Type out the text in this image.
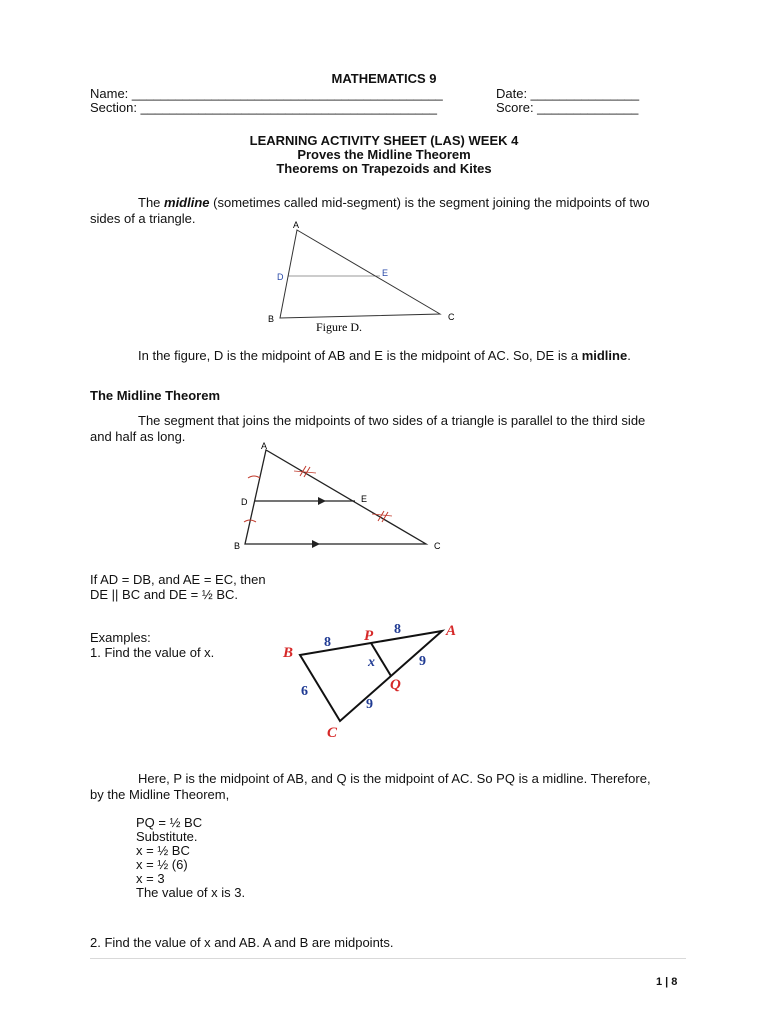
MATHEMATICS 9
Name: ___________________________________________	Date: _______________
Section: _________________________________________	Score: ______________
LEARNING ACTIVITY SHEET (LAS) WEEK 4
Proves the Midline Theorem
Theorems on Trapezoids and Kites
The midline (sometimes called mid-segment) is the segment joining the midpoints of two
sides of a triangle.	A
B	C
D	E
Figure D.
In the figure, D is the midpoint of AB and E is the midpoint of AC. So, DE is a midline.
The Midline Theorem
The segment that joins the midpoints of two sides of a triangle is parallel to the third side
and half as long.
A
B	C
D	E
If AD = DB, and AE = EC, then
DE || BC and DE = ½ BC.
Examples:
1. Find the value of x.	B
A
C
P
Q
8
8
x	9
9
6
Here, P is the midpoint of AB, and Q is the midpoint of AC. So PQ is a midline. Therefore,
by the Midline Theorem,
PQ = ½ BC
Substitute.
x = ½ BC
x = ½ (6)
x = 3
The value of x is 3.
2. Find the value of x and AB. A and B are midpoints.
1 | 8
